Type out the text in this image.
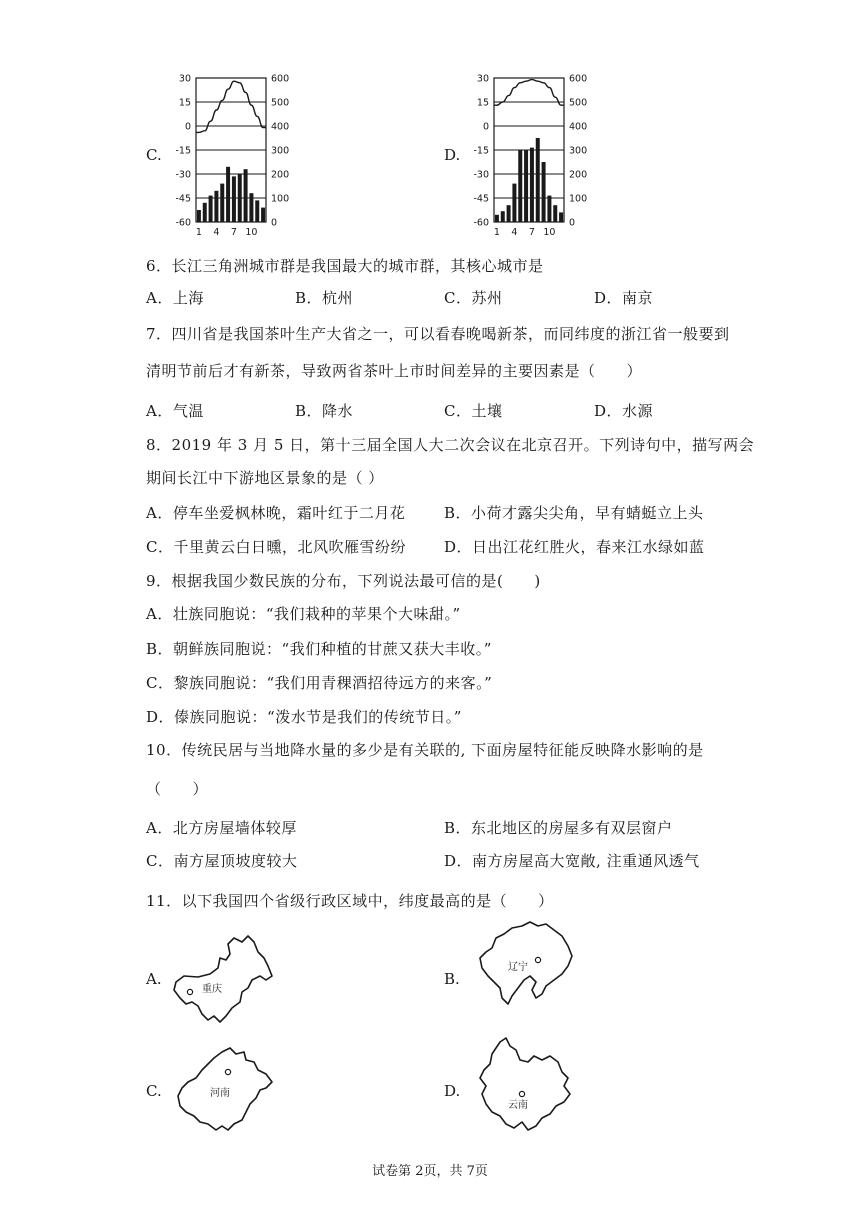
C.
30
15
0
-15
-30
-45
-60
600
500
400
300
200
100
0
1 4 7 10
D.
30
15
0
-15
-30
-45
-60
600
500
400
300
200
100
0
1 4 7 10
6．长江三角洲城市群是我国最大的城市群，其核心城市是
A．上海	B．杭州	C．苏州	D．南京
7．四川省是我国茶叶生产大省之一，可以看春晚喝新茶，而同纬度的浙江省一般要到
清明节前后才有新茶，导致两省茶叶上市时间差异的主要因素是（　　）
A．气温	B．降水	C．土壤	D．水源
8．2019 年 3 月 5 日，第十三届全国人大二次会议在北京召开。下列诗句中，描写两会
期间长江中下游地区景象的是（ ）
A．停车坐爱枫林晚，霜叶红于二月花	B．小荷才露尖尖角，早有蜻蜓立上头
C．千里黄云白日曛，北风吹雁雪纷纷	D．日出江花红胜火，春来江水绿如蓝
9．根据我国少数民族的分布，下列说法最可信的是(　　)
A．壮族同胞说：“我们栽种的苹果个大味甜。”
B．朝鲜族同胞说：“我们种植的甘蔗又获大丰收。”
C．黎族同胞说：“我们用青稞酒招待远方的来客。”
D．傣族同胞说：“泼水节是我们的传统节日。”
10．传统民居与当地降水量的多少是有关联的, 下面房屋特征能反映降水影响的是
（　　）
A．北方房屋墙体较厚	B．东北地区的房屋多有双层窗户
C．南方屋顶坡度较大	D．南方房屋高大宽敞, 注重通风透气
11．以下我国四个省级行政区域中，纬度最高的是（　　）
A.
重庆
B.
辽宁
C.	河南	D.
云南
试卷第 2页，共 7页
